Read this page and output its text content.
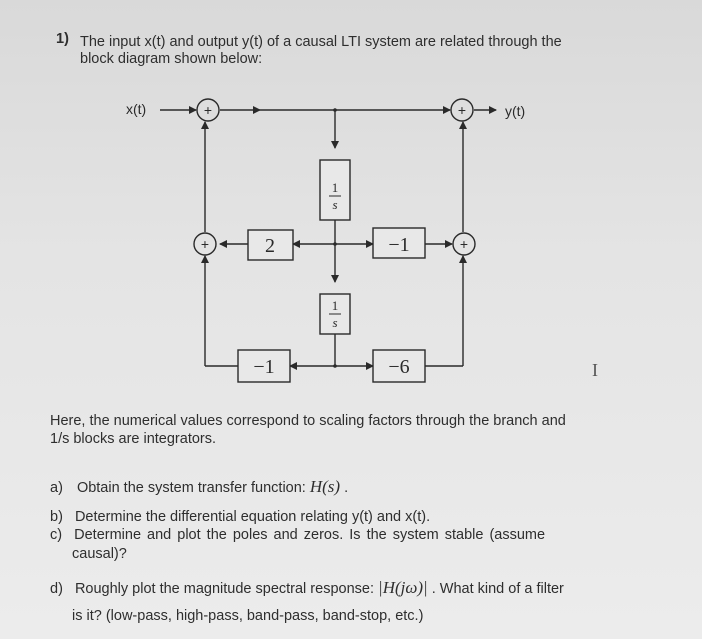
1) The input x(t) and output y(t) of a causal LTI system are related through the
block diagram shown below:
+	+
+	+
x(t)	y(t)
1
s
1
s
2	−1
−1	−6	I
Here, the numerical values correspond to scaling factors through the branch and
1/s blocks are integrators.
a) Obtain the system transfer function: H(s) .
b) Determine the differential equation relating y(t) and x(t).
c) Determine and plot the poles and zeros. Is the system stable (assume
causal)?
d) Roughly plot the magnitude spectral response: |H(jω)| . What kind of a filter
is it? (low-pass, high-pass, band-pass, band-stop, etc.)
